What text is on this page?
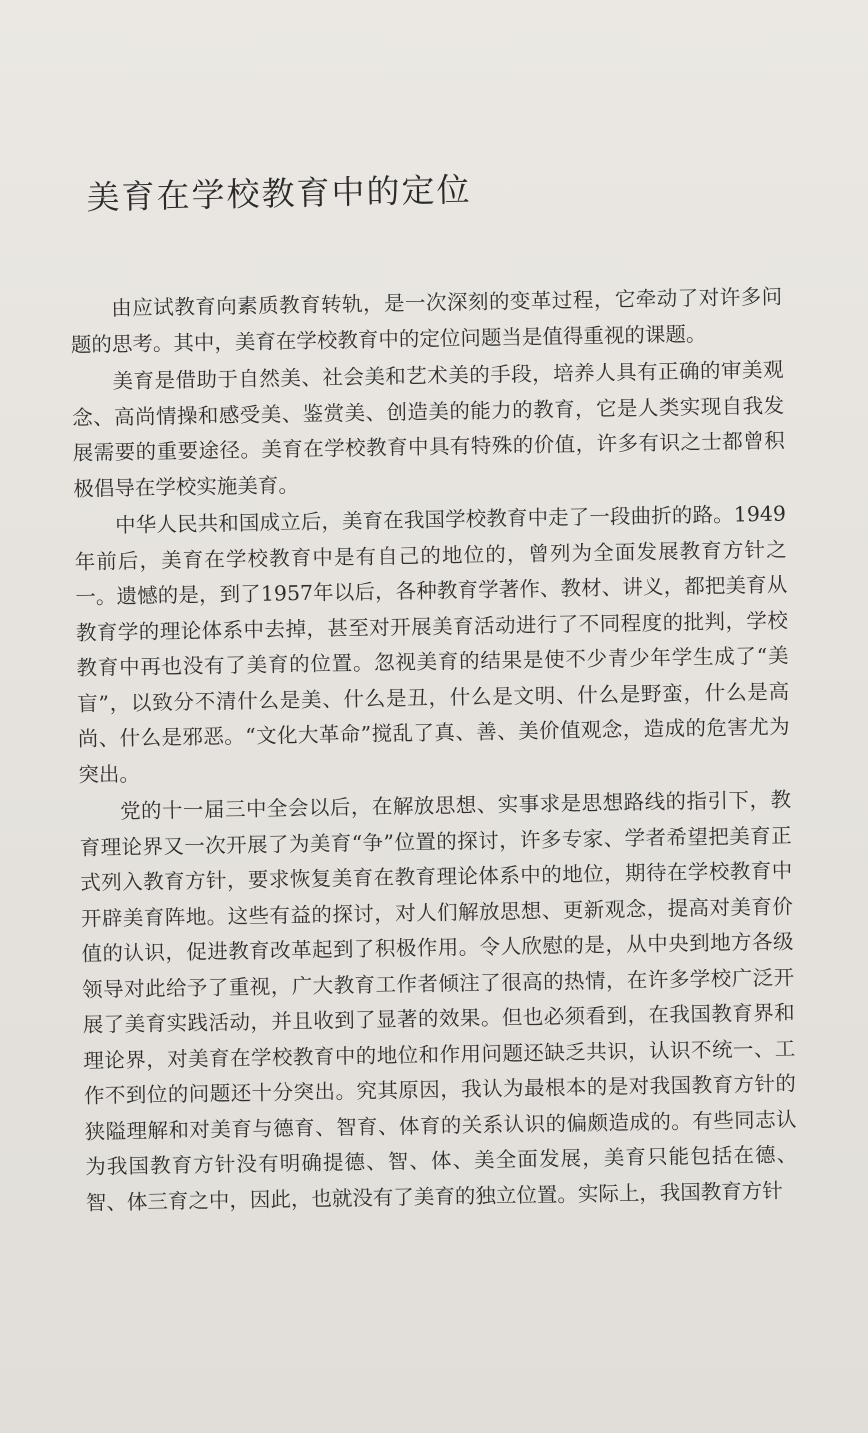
美育在学校教育中的定位

由应试教育向素质教育转轨，是一次深刻的变革过程，它牵动了对许多问题的思考。其中，美育在学校教育中的定位问题当是值得重视的课题。

美育是借助于自然美、社会美和艺术美的手段，培养人具有正确的审美观念、高尚情操和感受美、鉴赏美、创造美的能力的教育，它是人类实现自我发展需要的重要途径。美育在学校教育中具有特殊的价值，许多有识之士都曾积极倡导在学校实施美育。

中华人民共和国成立后，美育在我国学校教育中走了一段曲折的路。1949年前后，美育在学校教育中是有自己的地位的，曾列为全面发展教育方针之一。遗憾的是，到了1957年以后，各种教育学著作、教材、讲义，都把美育从教育学的理论体系中去掉，甚至对开展美育活动进行了不同程度的批判，学校教育中再也没有了美育的位置。忽视美育的结果是使不少青少年学生成了“美盲”，以致分不清什么是美、什么是丑，什么是文明、什么是野蛮，什么是高尚、什么是邪恶。“文化大革命”搅乱了真、善、美价值观念，造成的危害尤为突出。

党的十一届三中全会以后，在解放思想、实事求是思想路线的指引下，教育理论界又一次开展了为美育“争”位置的探讨，许多专家、学者希望把美育正式列入教育方针，要求恢复美育在教育理论体系中的地位，期待在学校教育中开辟美育阵地。这些有益的探讨，对人们解放思想、更新观念，提高对美育价值的认识，促进教育改革起到了积极作用。令人欣慰的是，从中央到地方各级领导对此给予了重视，广大教育工作者倾注了很高的热情，在许多学校广泛开展了美育实践活动，并且收到了显著的效果。但也必须看到，在我国教育界和理论界，对美育在学校教育中的地位和作用问题还缺乏共识，认识不统一、工作不到位的问题还十分突出。究其原因，我认为最根本的是对我国教育方针的狭隘理解和对美育与德育、智育、体育的关系认识的偏颇造成的。有些同志认为我国教育方针没有明确提德、智、体、美全面发展，美育只能包括在德、智、体三育之中，因此，也就没有了美育的独立位置。实际上，我国教育方针
